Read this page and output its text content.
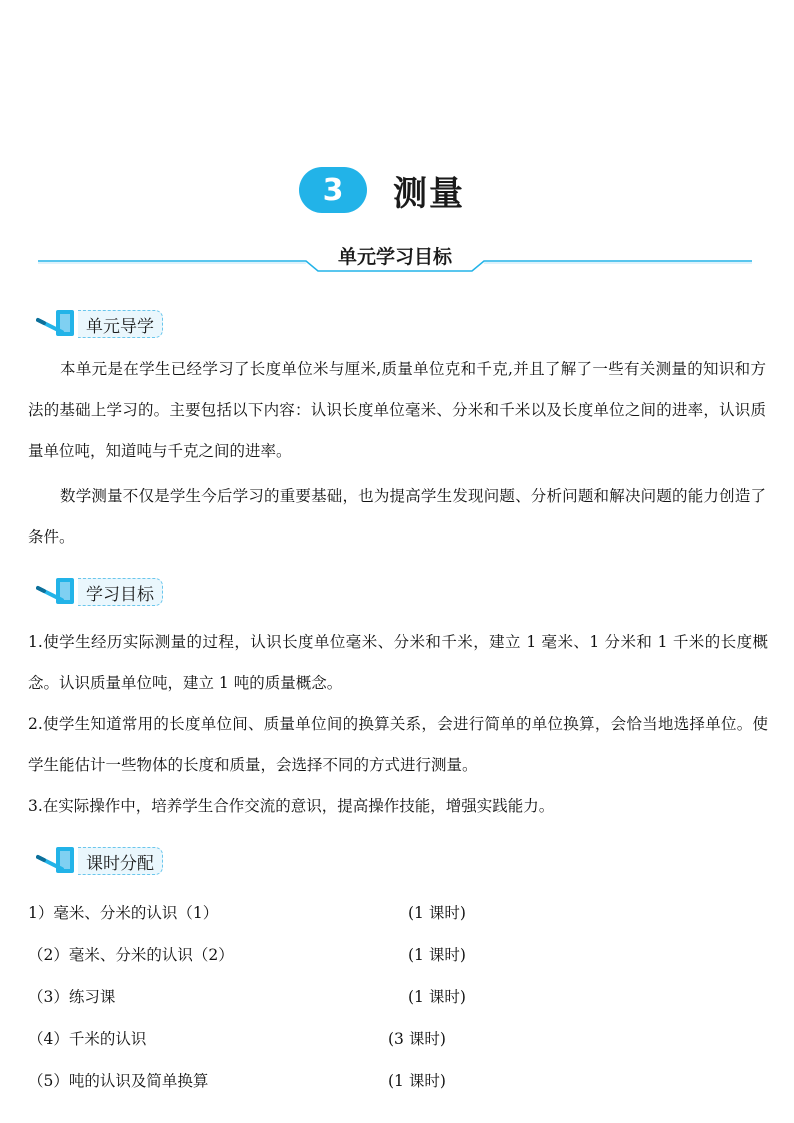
3	测量
单元学习目标
单元导学
本单元是在学生已经学习了长度单位米与厘米,质量单位克和千克,并且了解了一些有关测量的知识和方法的基础上学习的。主要包括以下内容：认识长度单位毫米、分米和千米以及长度单位之间的进率，认识质量单位吨，知道吨与千克之间的进率。
数学测量不仅是学生今后学习的重要基础，也为提高学生发现问题、分析问题和解决问题的能力创造了条件。
学习目标
1.使学生经历实际测量的过程，认识长度单位毫米、分米和千米，建立 1 毫米、1 分米和 1 千米的长度概念。认识质量单位吨，建立 1 吨的质量概念。
2.使学生知道常用的长度单位间、质量单位间的换算关系，会进行简单的单位换算，会恰当地选择单位。使学生能估计一些物体的长度和质量，会选择不同的方式进行测量。
3.在实际操作中，培养学生合作交流的意识，提高操作技能，增强实践能力。
课时分配
1）毫米、分米的认识（1）	(1 课时)
（2）毫米、分米的认识（2）	(1 课时)
（3）练习课	(1 课时)
（4）千米的认识	(3 课时)
（5）吨的认识及简单换算	(1 课时)
